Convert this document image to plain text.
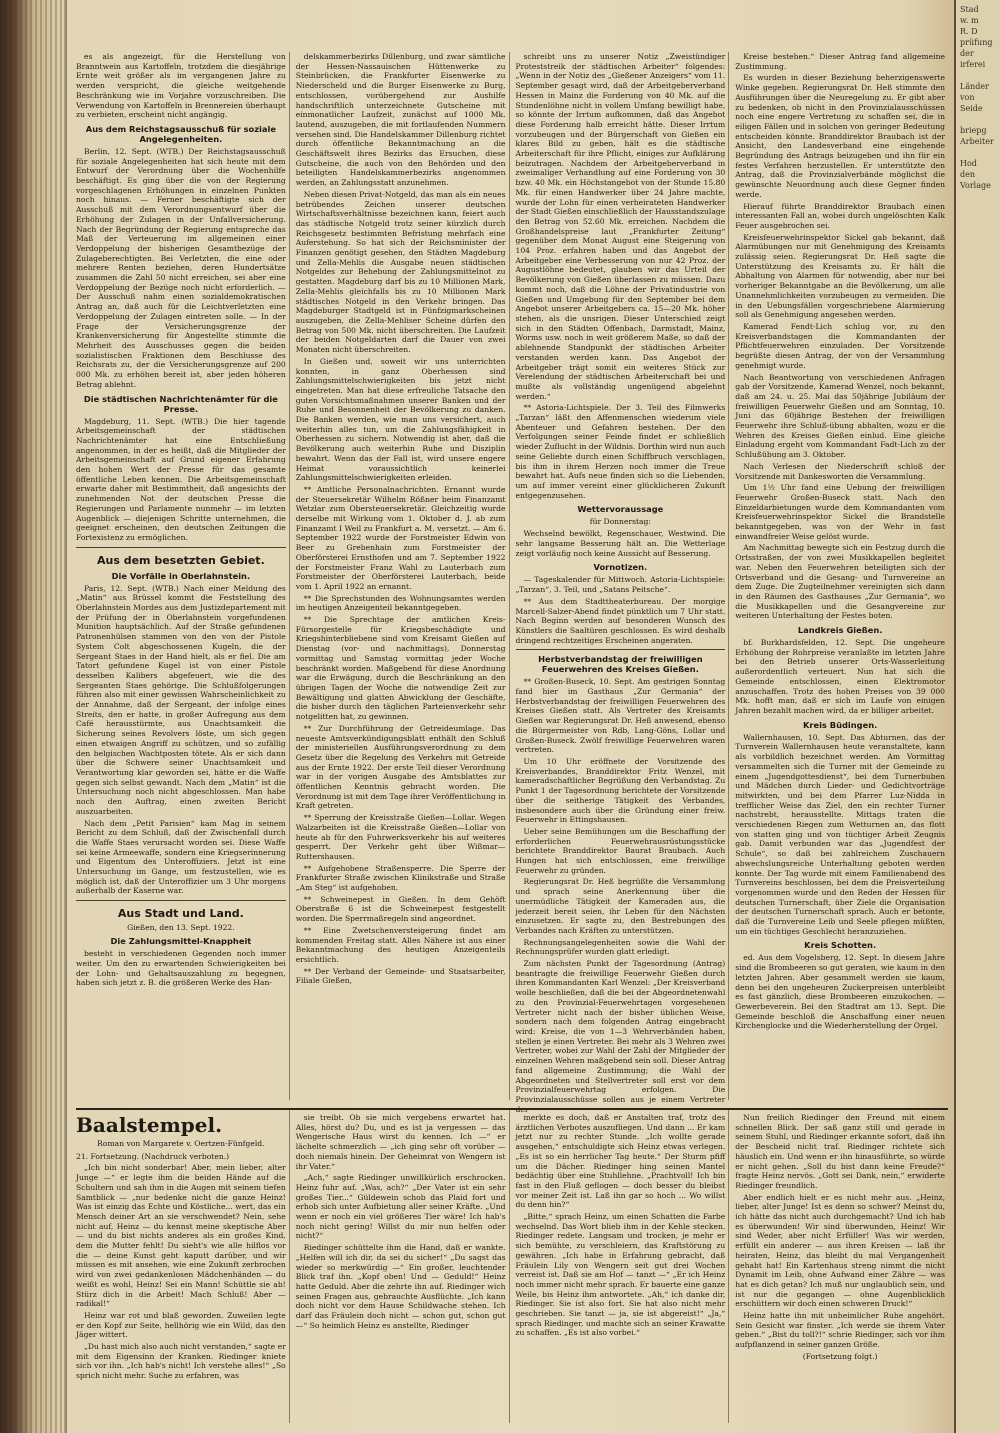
es als angezeigt, für die Herstellung von Branntwein aus Kartoffeln, trotzdem die diesjährige Ernte weit größer als im vergangenen Jahre zu werden verspricht, die gleiche weitgehende Beschränkung wie im Vorjahre vorzuschreiben. Die Verwendung von Kartoffeln in Brennereien überhaupt zu verbieten, erscheint nicht angängig.

Aus dem Reichstagsausschuß für soziale Angelegenheiten.

Berlin, 12. Sept. (WTB.) Der Reichstagsausschuß für soziale Angelegenheiten hat sich heute mit dem Entwurf der Verordnung über die Wochenhilfe beschäftigt. Es ging über die von der Regierung vorgeschlagenen Erhöhungen in einzelnen Punkten noch hinaus. — Ferner beschäftigte sich der Ausschuß mit dem Verordnungsentwurf über die Erhöhung der Zulagen in der Unfallversicherung. Nach der Begründung der Regierung entspreche das Maß der Verteuerung im allgemeinen einer Verdoppelung der bisherigen Gesamtbezüge der Zulageberechtigten. Bei Verletzten, die eine oder mehrere Renten beziehen, deren Hundertsätze zusammen die Zahl 50 nicht erreichen, sei aber eine Verdoppelung der Bezüge noch nicht erforderlich. — Der Ausschuß nahm einen sozialdemokratischen Antrag an, daß auch für die Leichtverletzten eine Verdoppelung der Zulagen eintreten solle. — In der Frage der Versicherungsgrenze der Krankenversicherung für Angestellte stimmte die Mehrheit des Ausschusses gegen die beiden sozialistischen Fraktionen dem Beschlusse des Reichsrats zu, der die Versicherungsgrenze auf 200 000 Mk. zu erhöhen bereit ist, aber jeden höheren Betrag ablehnt.

Die städtischen Nachrichtenämter für die Presse.

Magdeburg, 11. Sept. (WTB.) Die hier tagende Arbeitsgemeinschaft der städtischen Nachrichtenämter hat eine Entschließung angenommen, in der es heißt, daß die Mitglieder der Arbeitsgemeinschaft auf Grund eigener Erfahrung den hohen Wert der Presse für das gesamte öffentliche Leben kennen. Die Arbeitsgemeinschaft erwarte daher mit Bestimmtheit, daß angesichts der zunehmenden Not der deutschen Presse die Regierungen und Parlamente nunmehr — im letzten Augenblick — diejenigen Schritte unternehmen, die geeignet erscheinen, den deutschen Zeitungen die Fortexistenz zu ermöglichen.

Aus dem besetzten Gebiet.
Die Vorfälle in Oberlahnstein.

Paris, 12. Sept. (WTB.) Nach einer Meldung des „Matin“ aus Brüssel kommt die Feststellung des Oberlahnstein Mordes aus dem Justizdepartement mit der Prüfung der in Oberlahnstein vorgefundenen Munition hauptsächlich. Auf der Straße gefundenen Patronenhülsen stammen von den von der Pistole System Colt abgeschossenen Kugeln, die der Sergeant Staes in der Hand hielt, als er fiel. Die am Tatort gefundene Kugel ist von einer Pistole desselben Kalibers abgefeuert, wie die des Sergeanten Staes gehörige. Die Schlußfolgerungen führen also mit einer gewissen Wahrscheinlichkeit zu der Annahme, daß der Sergeant, der infolge eines Streits, den er hatte, in großer Aufregung aus dem Café herausstürmte, aus Unachtsamkeit die Sicherung seines Revolvers löste, um sich gegen einen etwaigen Angriff zu schützen, und so zufällig den belgischen Wachtposten tötete. Als er sich dann über die Schwere seiner Unachtsamkeit und Verantwortung klar geworden sei, hätte er die Waffe gegen sich selbst gewandt. Nach dem „Matin“ ist die Untersuchung noch nicht abgeschlossen. Man habe noch den Auftrag, einen zweiten Bericht auszuarbeiten.

Nach dem „Petit Parisien“ kam Mag in seinem Bericht zu dem Schluß, daß der Zwischenfall durch die Waffe Staes verursacht worden sei. Diese Waffe sei keine Armeewaffe, sondern eine Kriegserinnerung und Eigentum des Unteroffiziers. Jetzt ist eine Untersuchung im Gange, um festzustellen, wie es möglich ist, daß der Unteroffizier um 3 Uhr morgens außerhalb der Kaserne war.

Aus Stadt und Land.
Gießen, den 13. Sept. 1922.
Die Zahlungsmittel-Knappheit

besteht in verschiedenen Gegenden noch immer weiter. Um den zu erwartenden Schwierigkeiten bei der Lohn- und Gehaltsauszahlung zu begegnen, haben sich jetzt z. B. die größeren Werke des Han-

delskammerbezirks Dillenburg, und zwar sämtliche der Hessen-Nassauischen Hüttenwerke zu Steinbrücken, die Frankfurter Eisenwerke zu Niederscheld und die Burger Eisenwerke zu Burg, entschlossen, vorübergehend zur Aushilfe handschriftlich unterzeichnete Gutscheine mit einmonatlicher Laufzeit, zunächst auf 1000 Mk. lautend, auszugeben, die mit fortlaufenden Nummern versehen sind. Die Handelskammer Dillenburg richtet durch öffentliche Bekanntmachung an die Geschäftswelt ihres Bezirks das Ersuchen, diese Gutscheine, die auch von den Behörden und den beteiligten Handelskammerbezirks angenommen werden, an Zahlungsstatt anzunehmen.

Neben diesen Privat-Notgeld, das man als ein neues betrübendes Zeichen unserer deutschen Wirtschaftsverhältnisse bezeichnen kann, feiert auch das städtische Notgeld trotz seiner kürzlich durch Reichsgesetz bestimmten Befristung mehrfach eine Auferstehung. So hat sich der Reichsminister der Finanzen genötigt gesehen, den Städten Magdeburg und Zella-Mehlis die Ausgabe neuen städtischen Notgeldes zur Behebung der Zahlungsmittelnot zu gestatten. Magdeburg darf bis zu 10 Millionen Mark, Zella-Mehlis gleichfalls bis zu 10 Millionen Mark städtisches Notgeld in den Verkehr bringen. Das Magdeburger Stadtgeld ist in Fünfzigmarkscheinen auszugeben, die Zella-Mehliser Scheine dürfen den Betrag von 500 Mk. nicht überschreiten. Die Laufzeit der beiden Notgeldarten darf die Dauer von zwei Monaten nicht überschreiten.

In Gießen und, soweit wir uns unterrichten konnten, in ganz Oberhessen sind Zahlungsmittelschwierigkeiten bis jetzt nicht eingetreten. Man hat diese erfreuliche Tatsache den guten Vorsichtsmaßnahmen unserer Banken und der Ruhe und Besonnenheit der Bevölkerung zu danken. Die Banken werden, wie man uns versichert, auch weiterhin alles tun, um die Zahlungsfähigkeit in Oberhessen zu sichern. Notwendig ist aber, daß die Bevölkerung auch weiterhin Ruhe und Disziplin bewahrt. Wenn das der Fall ist, wird unsere engere Heimat voraussichtlich keinerlei Zahlungsmittelschwierigkeiten erleiden.

** Amtliche Personalnachrichten. Ernannt wurde der Steuersekretär Wilhelm Rößner beim Finanzamt Wetzlar zum Obersteuersekretär. Gleichzeitig wurde derselbe mit Wirkung vom 1. Oktober d. J. ab zum Finanzamt I Weil zu Frankfurt a. M. versetzt. — Am 6. September 1922 wurde der Forstmeister Edwin von Beer zu Grebenhain zum Forstmeister der Oberförsterei Ernsthofen und am 7. September 1922 der Forstmeister Franz Wahl zu Lauterbach zum Forstmeister der Oberförsterei Lauterbach, beide vom 1. April 1922 an ernannt.

** Die Sprechstunden des Wohnungsamtes werden im heutigen Anzeigenteil bekanntgegeben.

** Die Sprechtage der amtlichen Kreis-Fürsorgestelle für Kriegsbeschädigte und Kriegshinterbliebene sind vom Kreisamt Gießen auf Dienstag (vor- und nachmittags), Donnerstag vormittag und Samstag vormittag jeder Woche beschränkt worden. Maßgebend für diese Anordnung war die Erwägung, durch die Beschränkung an den übrigen Tagen der Woche die notwendige Zeit zur Bewältigung und glatten Abwicklung der Geschäfte, die bisher durch den täglichen Parteienverkehr sehr notgelitten hat, zu gewinnen.

** Zur Durchführung der Getreideumlage. Das neueste Amtsverkündigungsblatt enthält den Schluß der ministeriellen Ausführungsverordnung zu dem Gesetz über die Regelung des Verkehrs mit Getreide aus der Ernte 1922. Der erste Teil dieser Verordnung war in der vorigen Ausgabe des Amtsblattes zur öffentlichen Kenntnis gebracht worden. Die Verordnung ist mit dem Tage ihrer Veröffentlichung in Kraft getreten.

** Sperrung der Kreisstraße Gießen—Lollar. Wegen Walzarbeiten ist die Kreisstraße Gießen—Lollar von heute ab für den Fuhrwerksverkehr bis auf weiteres gesperrt. Der Verkehr geht über Wißmar—Ruttershausen.

** Aufgehobene Straßensperre. Die Sperre der Frankfurter Straße zwischen Klinikstraße und Straße „Am Steg“ ist aufgehoben.

** Schweinepest in Gießen. In dem Gehöft Oberstraße 6 ist die Schweinepest festgestellt worden. Die Sperrmaßregeln sind angeordnet.

** Eine Zwetschenversteigerung findet am kommenden Freitag statt. Alles Nähere ist aus einer Bekanntmachung des heutigen Anzeigenteils ersichtlich.

** Der Verband der Gemeinde- und Staatsarbeiter, Filiale Gießen,

schreibt uns zu unserer Notiz „Zweistündiger Proteststreik der städtischen Arbeiter“ folgendes: „Wenn in der Notiz des „Gießener Anzeigers“ vom 11. September gesagt wird, daß der Arbeitgeberverband Hessen in Mainz die Forderung von 40 Mk. auf die Stundenlöhne nicht in vollem Umfang bewilligt habe, so könnte der Irrtum aufkommen, daß das Angebot diese Forderung halb erreicht hätte. Dieser Irrtum vorzubeugen und der Bürgerschaft von Gießen ein klares Bild zu geben, hält es die städtische Arbeiterschaft für ihre Pflicht, einiges zur Aufklärung beizutragen. Nachdem der Arbeitgeberverband in zweimaliger Verhandlung auf eine Forderung von 30 bzw. 40 Mk. ein Höchstangebot von der Stunde 15.80 Mk. für einen Handwerker über 24 Jahre machte, wurde der Lohn für einen verheirateten Handwerker der Stadt Gießen einschließlich der Hausstandszulage den Betrag von 52.60 Mk. erreichen. Nachdem die Großhandelspreise laut „Frankfurter Zeitung“ gegenüber dem Monat August eine Steigerung von 104 Proz. erfahren haben und das Angebot der Arbeitgeber eine Verbesserung von nur 42 Proz. der Augustlöhne bedeutet, glauben wir das Urteil der Bevölkerung von Gießen überlassen zu müssen. Dazu kommt noch, daß die Löhne der Privatindustrie von Gießen und Umgebung für den September bei dem Angebot unserer Arbeitgebers ca. 15—20 Mk. höher stehen, als die unsrigen. Dieser Unterschied zeigt sich in den Städten Offenbach, Darmstadt, Mainz, Worms usw. noch in weit größerem Maße, so daß der ablehnende Standpunkt der städtischen Arbeiter verstanden werden kann. Das Angebot der Arbeitgeber trägt somit ein weiteres Stück zur Verelendung der städtischen Arbeiterschaft bei und mußte als vollständig ungenügend abgelehnt werden.“

** Astoria-Lichtspiele. Der 3. Teil des Filmwerks „Tarzan“ läßt den Affenmenschen wiederum viele Abenteuer und Gefahren bestehen. Der den Verfolgungen seiner Feinde findet er schließlich wieder Zuflucht in der Wildnis. Dorthin wird nun auch seine Geliebte durch einen Schiffbruch verschlagen, bis ihm in ihrem Herzen noch immer die Treue bewahrt hat. Aufs neue finden sich so die Liebenden, um auf immer vereint einer glücklicheren Zukunft entgegenzusehen.

Wettervoraussage
für Donnerstag:

Wechselnd bewölkt, Regenschauer, Westwind. Die sehr langsame Besserung hält an. Die Wetterlage zeigt vorläufig noch keine Aussicht auf Besserung.

Vornotizen.

— Tageskalender für Mittwoch. Astoria-Lichtspiele: „Tarzan“, 3. Teil, und „Satans Peitsche“.

** Aus dem Stadttheaterbureau. Der morgige Marcell-Salzer-Abend findet pünktlich um 7 Uhr statt. Nach Beginn werden auf besonderen Wunsch des Künstlers die Saaltüren geschlossen. Es wird deshalb dringend rechtzeitiges Erscheinen angeraten.

Herbstverbandstag der freiwilligen Feuerwehren des Kreises Gießen.

** Großen-Buseck, 10. Sept. Am gestrigen Sonntag fand hier im Gasthaus „Zur Germania“ der Herbstverbandstag der freiwilligen Feuerwehren des Kreises Gießen statt. Als Vertreter des Kreisamts Gießen war Regierungsrat Dr. Heß anwesend, ebenso die Bürgermeister von Rdb, Lang-Göns, Lollar und Großen-Buseck. Zwölf freiwillige Feuerwehren waren vertreten.

Um 10 Uhr eröffnete der Vorsitzende des Kreisverbandes, Branddirektor Fritz Wenzel, mit kameradschaftlicher Begrüßung den Verbandstag. Zu Punkt 1 der Tagesordnung berichtete der Vorsitzende über die seitherige Tätigkeit des Verbandes, insbesondere auch über die Gründung einer freiw. Feuerwehr in Ettingshausen.

Ueber seine Bemühungen um die Beschaffung der erforderlichen Feuerwehrausrüstungsstücke berichtete Branddirektor Baurat Braubach. Auch Hungen hat sich entschlossen, eine freiwillige Feuerwehr zu gründen.

Regierungsrat Dr. Heß begrüßte die Versammlung und sprach seine Anerkennung über die unermüdliche Tätigkeit der Kameraden aus, die jederzeit bereit seien, ihr Leben für den Nächsten einzusetzen. Er sagte zu, den Bestrebungen des Verbandes nach Kräften zu unterstützen.

Rechnungsangelegenheiten sowie die Wahl der Rechnungsprüfer wurden glatt erledigt.

Zum nächsten Punkt der Tagesordnung (Antrag) beantragte die freiwillige Feuerwehr Gießen durch ihren Kommandanten Karl Wenzel: „Der Kreisverband wolle beschließen, daß die bei der Abgeordnetenwahl zu den Provinzial-Feuerwehrtagen vorgesehenen Vertreter nicht nach der bisher üblichen Weise, sondern nach dem folgenden Antrag eingebracht wird: Kreise, die von 1—3 Wehrverbänden haben, stellen je einen Vertreter. Bei mehr als 3 Wehren zwei Vertreter, wobei zur Wahl der Zahl der Mitglieder der einzelnen Wehren maßgebend sein soll. Dieser Antrag fand allgemeine Zustimmung; die Wahl der Abgeordneten und Stellvertreter soll erst vor dem Provinzialfeuerwehrtag erfolgen. Die Provinzialausschüsse sollen aus je einem Vertreter der

Kreise bestehen.“ Dieser Antrag fand allgemeine Zustimmung.

Es wurden in dieser Beziehung beherzigenswerte Winke gegeben. Regierungsrat Dr. Heß stimmte den Ausführungen über die Neuregelung zu. Er gibt aber zu bedenken, ob nicht in den Provinzialausschüssen noch eine engere Vertretung zu schaffen sei, die in eiligen Fällen und in solchen von geringer Bedeutung entscheiden könnte. Branddirektor Braubach ist der Ansicht, den Landesverband eine eingehende Begründung des Antrags beizugeben und ihn für ein festes Verfahren herzustellen. Er unterstützte den Antrag, daß die Provinzialverbände möglichst die gewünschte Neuordnung auch diese Gegner finden werde.

Hierauf führte Branddirektor Braubach einen interessanten Fall an, wobei durch ungelöschten Kalk Feuer ausgebrochen sei.

Kreisfeuerwehrinspektor Sickel gab bekannt, daß Alarmübungen nur mit Genehmigung des Kreisamts zulässig seien. Regierungsrat Dr. Heß sagte die Unterstützung des Kreisamts zu. Er hält die Abhaltung von Alarmen für notwendig, aber nur bei vorheriger Bekanntgabe an die Bevölkerung, um alle Unannehmlichkeiten vorzubeugen zu vermeiden. Die in den Uebungsfällen vorgeschriebene Alarmierung soll als Genehmigung angesehen werden.

Kamerad Fendt-Lich schlug vor, zu den Kreisverbandstagen die Kommandanten der Pflichtfeuerwehren einzuladen. Der Vorsitzende begrüßte diesen Antrag, der von der Versammlung genehmigt wurde.

Nach Beantwortung von verschiedenen Anfragen gab der Vorsitzende, Kamerad Wenzel, noch bekannt, daß am 24. u. 25. Mai das 50jährige Jubiläum der freiwilligen Feuerwehr Gießen und am Sonntag, 10. Juni das 60jährige Bestehen der freiwilligen Feuerwehr ihre Schluß-übung abhalten, wozu er die Wehren des Kreises Gießen einlud. Eine gleiche Einladung ergeht vom Kommandant Fadt-Lich zu der Schlußübung am 3. Oktober.

Nach Verlesen der Niederschrift schloß der Vorsitzende mit Dankesworten die Versammlung.

Um 1½ Uhr fand eine Uebung der freiwilligen Feuerwehr Großen-Buseck statt. Nach den Einzeldarbietungen wurde dem Kommandanten vom Kreisfeuerwehrinspektor Sickel die Brandstelle bekanntgegeben, was von der Wehr in fast einwandfreier Weise gelöst wurde.

Am Nachmittag bewegte sich ein Festzug durch die Ortsstraßen, der von zwei Musikkapellen begleitet war. Neben den Feuerwehren beteiligten sich der Ortsverband und die Gesang- und Turnvereine an dem Zuge. Die Zugteilnehmer vereinigten sich dann in den Räumen des Gasthauses „Zur Germania“, wo die Musikkapellen und die Gesangvereine zur weiteren Unterhaltung der Festes boten.

Landkreis Gießen.

bf. Burkhardsfelden, 12. Sept. Die ungeheure Erhöhung der Rohrpreise veranlaßte im letzten Jahre bei den Betrieb unserer Orts-Wasserleitung außerordentlich verteuert. Nun hat sich die Gemeinde entschlossen, einen Elektromotor anzuschaffen. Trotz des hohen Preises von 39 000 Mk. hofft man, daß er sich im Laufe von einigen Jahren bezahlt machen wird, da er billiger arbeitet.

Kreis Büdingen.

Wallernhausen, 10. Sept. Das Abturnen, das der Turnverein Wallernhausen heute veranstaltete, kann als vorbildlich bezeichnet werden. Am Vormittag versammelten sich die Turner mit der Gemeinde zu einem „Jugendgottesdienst“, bei dem Turnerbuben und Mädchen durch Lieder- und Gedichtvorträge mitwirkten, und bei dem Pfarrer Luz-Nidda in trefflicher Weise das Ziel, den ein rechter Turner nachstrebt, herausstellte. Mittags traten die verschiedenen Riegen zum Wetturnen an, das flott von statten ging und von tüchtiger Arbeit Zeugnis gab. Damit verbunden war das „Jugendfest der Schule“, so daß bei zahlreichem Zuschauern abwechslungsreiche Unterhaltung geboten werden konnte. Der Tag wurde mit einem Familienabend des Turnvereins beschlossen, bei dem die Preisverteilung vorgenommen wurde und den Reden der Hessen für deutschen Turnerschaft, über Ziele die Organisation der deutschen Turnerschaft sprach. Auch er betonte, daß die Turnvereine Leib und Seele pflegen müßten, um ein tüchtiges Geschlecht heranzuziehen.

Kreis Schotten.

ed. Aus dem Vogelsberg, 12. Sept. In diesem Jahre sind die Brombeeren so gut geraten, wie kaum in den letzten Jahren. Aber gesammelt werden sie kaum, denn bei den ungeheuren Zuckerpreisen unterbleibt es fast gänzlich, diese Brombeeren einzukochen. — Gewerbeverein. Bei den Stadtrat am 13. Sept. Die Gemeinde beschloß die Anschaffung einer neuen Kirchenglocke und die Wiederherstellung der Orgel.

Baalstempel.
Roman von Margarete v. Oertzen-Fünfgeld.
21. Fortsetzung. (Nachdruck verboten.)

„Ich bin nicht sonderbar! Aber, mein lieber, alter Junge —“ er legte ihm die beiden Hände auf die Schultern und sah ihm in die Augen mit seinem tiefen Samtblick — „nur bedenke nicht die ganze Heinz! Was ist einzig das Echte und Köstliche... wert, das ein Mensch deiner Art an sie verschwendet? Nein, sehe nicht auf, Heinz — du kennst meine skeptische Aber — und du bist nichts anderes als ein großes Kind, dem die Mutter fehlt! Du sieht's wie alle hilflos vor die — deine Kunst geht kaputt darüber, und wir müssen es mit ansehen, wie eine Zukunft zerbrochen wird von zwei gedankenlosen Mädchenhänden — du weißt es wohl, Heinz! Sei ein Mann! Schüttle sie ab! Stürz dich in die Arbeit! Mach Schluß! Aber — radikal!“

Heinz war rot und blaß geworden. Zuweilen legte er den Kopf zur Seite, hellhörig wie ein Wild, das den Jäger wittert.

„Du hast mich also auch nicht verstanden,“ sagte er mit dem Eigensinn der Kranken. Riedinger kniete sich vor ihn. „Ich hab's nicht! Ich verstehe alles!“ „So sprich nicht mehr. Suche zu erfahren, was

sie treibt. Ob sie mich vergebens erwartet hat. Alles, hörst du? Du, und es ist ja vergessen — das Wengerische Haus wirst du kennen. Ich —“ er lächelte schmerzlich — „ich ging sehr oft vorüber — doch niemals hinein. Der Geheimrat von Wengern ist ihr Vater.“

„Ach,“ sagte Riedinger unwillkürlich erschrocken. Heinz fuhr auf. „Was, ach?“ „Der Vater ist ein sehr großes Tier...“ Güldewein schob das Plaid fort und erhob sich unter Aufbietung aller seiner Kräfte. „Und wenn er noch ein viel größeres Tier wäre! Ich hab's noch nicht gering! Willst du mir nun helfen oder nicht?“

Riedinger schüttelte ihm die Hand, daß er wankte. „Helfen will ich dir, da sei du sicher!“ „Du sagst das wieder so merkwürdig —“ Ein großer, leuchtender Blick traf ihn. „Kopf oben! Und — Geduld!“ Heinz hatte Geduld. Aber die zehrte ihn auf. Riedinger wich seinen Fragen aus, gebrauchte Ausflüchte. „Ich kann doch nicht vor dem Hause Schildwache stehen. Ich darf das Fräulein doch nicht — schon gut, schon gut —“ So heimlich Heinz es anstellte, Riedinger

merkte es doch, daß er Anstalten traf, trotz des ärztlichen Verbotes auszufliegen. Und dann ... Er kam jetzt nur zu rechter Stunde. „Ich wollte gerade ausgehen,“ entschuldigte sich Heinz etwas verlegen. „Es ist so ein herrlicher Tag heute.“ Der Sturm pfiff um die Dächer. Riedinger hing seinen Mantel bedächtig über eine Stuhllehne. „Prachtvoll! Ich bin fast in den Fluß geflogen — doch besser du bleibst vor meiner Zeit ist. Laß ihn gar so hoch ... Wo willst du denn hin?“

„Bitte,“ sprach Heinz, um einen Schatten die Farbe wechselnd. Das Wort blieb ihm in der Kehle stecken. Riedinger redete. Langsam und trocken, je mehr er sich bemühte, zu verschleiern, das Kraftstörung zu gewähren. „Ich habe in Erfahrung gebracht, daß Fräulein Lily von Wengern seit gut drei Wochen verreist ist. Daß sie am Hof — tanzt —“ „Er ich Heinz noch immer nicht mehr sprach. Er bauerte eine ganze Weile, bis Heinz ihm antwortete. „Ah,“ ich danke dir, Riedinger. Sie ist also fort. Sie hat also nicht mehr geschrieben. Sie tanzt — ja, sie ist abgereist!“ „Ja,“ sprach Riedinger, und machte sich an seiner Krawatte zu schaffen. „Es ist also vorbei.“

Nun freilich Riedinger den Freund mit einem schnellen Blick. Der saß ganz still und gerade in seinem Stuhl, und Riedinger erkannte sofort, daß ihn der Bescheid nicht traf. Riedinger richtete sich häuslich ein. Und wenn er ihn hinausführte, so würde er nicht gehen. „Soll du bist dann keine Freude?“ fragte Heinz nervös. „Gott sei Dank, nein,“ erwiderte Riedinger freundlich.

Aber endlich hielt er es nicht mehr aus. „Heinz, lieber, alter Junge! Ist es denn so schwer? Meinst du, ich hätte das nicht auch durchgemacht? Und ich hab es überwunden! Wir sind überwunden, Heinz! Wir sind Weder, aber nicht Erfüller! Was wir werden, erfüllt ein anderer — aus ihren Kreisen — laß ihr heiraten, Heinz, das bleibt du mal Vergangenheit gehabt hat! Ein Kartenhaus streng nimmt die nicht Dynamit im Leib, ohne Aufwand einer Zähre — was hat es dich getan? Ich muß nur unglaublich sein, und ist nur die gegangen — ohne Augenblicklich erschüttern wir doch einen schweren Druck!“

Heinz hatte ihn mit unheimlicher Ruhe angehört. Sein Gesicht war finster. „Ich werde sie ihrem Vater geben.“ „Bist du toll?!“ schrie Riedinger, sich vor ihm aufpflanzend in seiner ganzen Größe.

(Fortsetzung folgt.)
Stad
w. m
R. D
prüfung
der
irferei

Länder
von
Seide

briepg
Arbeiter

Hod
den
Vorlage
